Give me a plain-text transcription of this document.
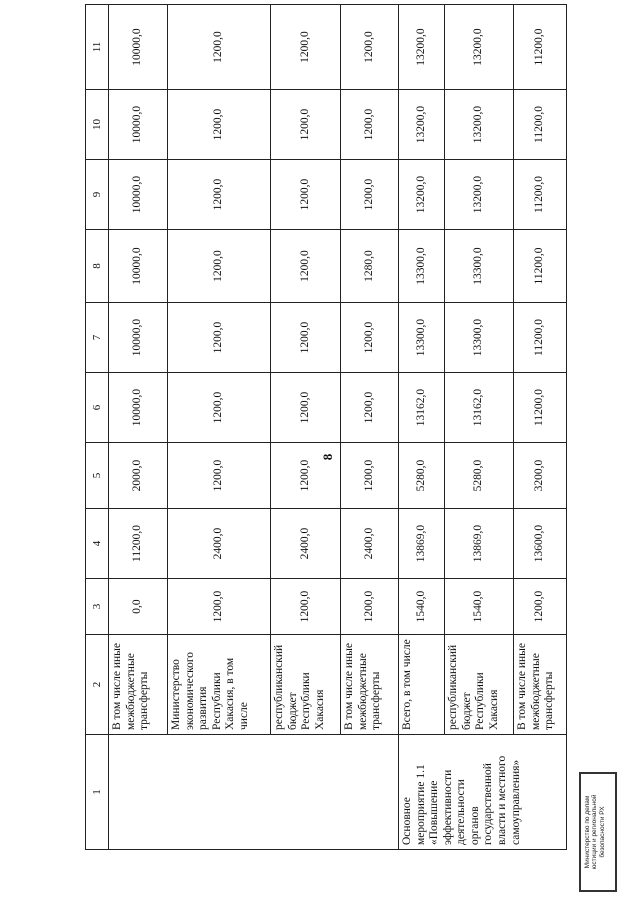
8
1	2	3	4	5	6	7	8	9	10	11
	В том числе иные межбюджетные трансферты	0,0	11200,0	2000,0	10000,0	10000,0	10000,0	10000,0	10000,0	10000,0
	Министерство экономического развития Республики Хакасия, в том числе	1200,0	2400,0	1200,0	1200,0	1200,0	1200,0	1200,0	1200,0	1200,0
	республиканский бюджет Республики Хакасия	1200,0	2400,0	1200,0	1200,0	1200,0	1200,0	1200,0	1200,0	1200,0
	В том числе иные межбюджетные трансферты	1200,0	2400,0	1200,0	1200,0	1200,0	1280,0	1200,0	1200,0	1200,0
Основное мероприятие 1.1 «Повышение эффективности деятельности органов государственной власти и местного самоуправления»	Всего, в том числе	1540,0	13869,0	5280,0	13162,0	13300,0	13300,0	13200,0	13200,0	13200,0
	республиканский бюджет Республики Хакасия	1540,0	13869,0	5280,0	13162,0	13300,0	13300,0	13200,0	13200,0	13200,0
	В том числе иные межбюджетные трансферты	1200,0	13600,0	3200,0	11200,0	11200,0	11200,0	11200,0	11200,0	11200,0
Министерство по делам юстиции и региональной безопасности РХ
